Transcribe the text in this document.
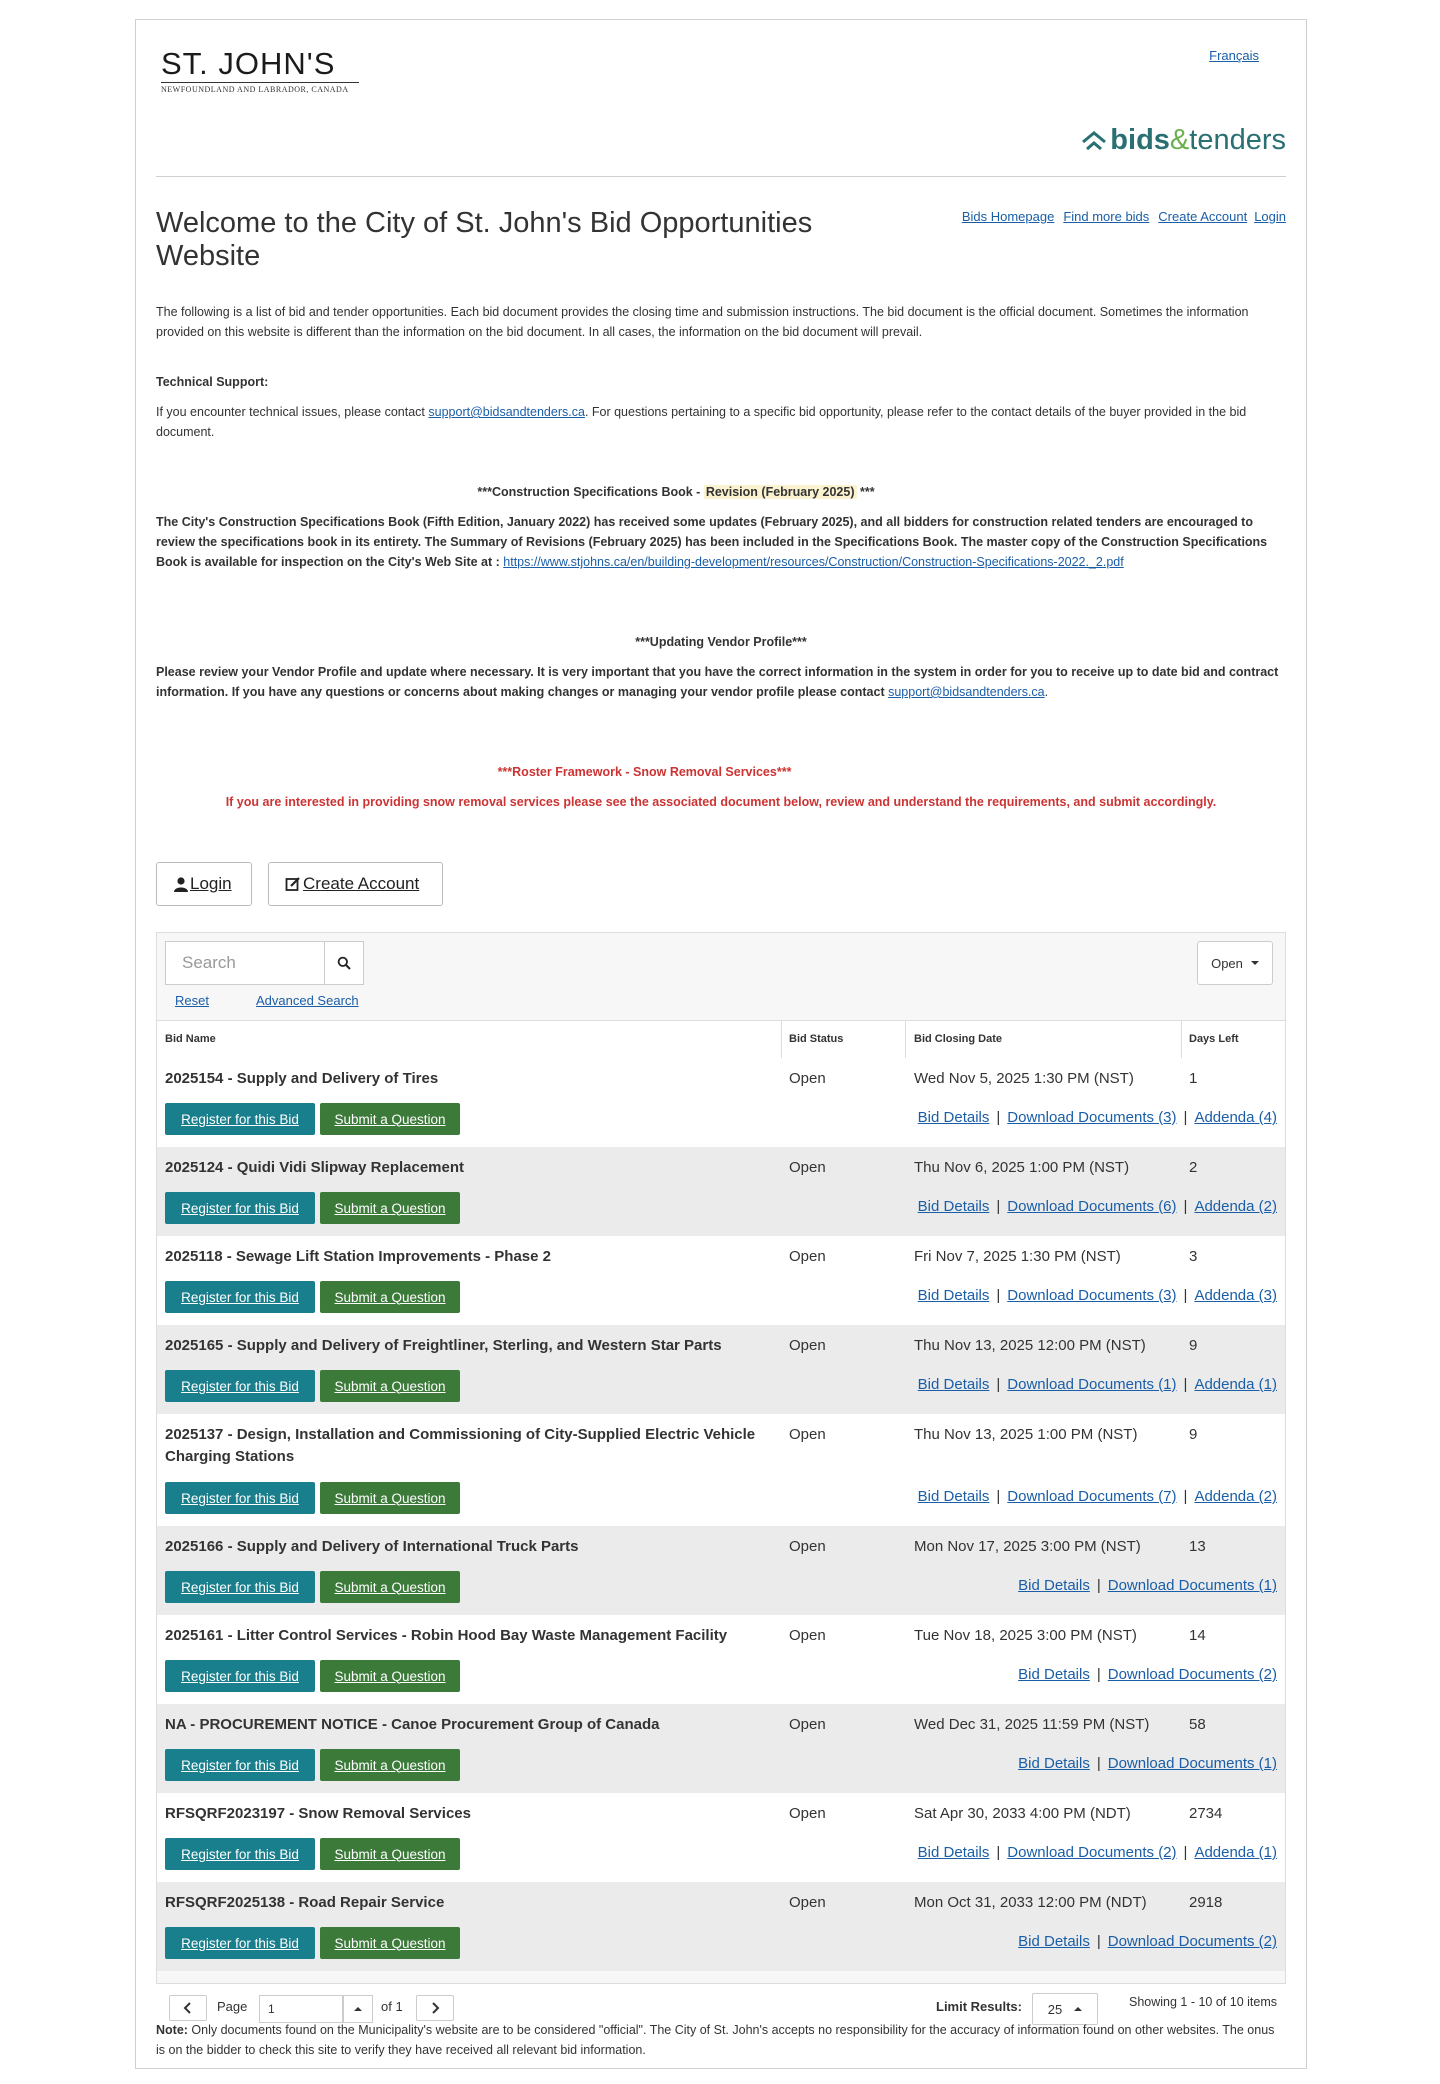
ST. JOHN'S
NEWFOUNDLAND AND LABRADOR, CANADA
Français
bids & tenders
Welcome to the City of St. John's Bid Opportunities Website
Bids Homepage Find more bids Create Account Login

The following is a list of bid and tender opportunities. Each bid document provides the closing time and submission instructions. The bid document is the official document. Sometimes the information provided on this website is different than the information on the bid document. In all cases, the information on the bid document will prevail.

Technical Support:

If you encounter technical issues, please contact support@bidsandtenders.ca. For questions pertaining to a specific bid opportunity, please refer to the contact details of the buyer provided in the bid document.

***Construction Specifications Book - Revision (February 2025) ***

The City's Construction Specifications Book (Fifth Edition, January 2022) has received some updates (February 2025), and all bidders for construction related tenders are encouraged to review the specifications book in its entirety. The Summary of Revisions (February 2025) has been included in the Specifications Book. The master copy of the Construction Specifications Book is available for inspection on the City's Web Site at : https://www.stjohns.ca/en/building-development/resources/Construction/Construction-Specifications-2022._2.pdf

***Updating Vendor Profile***

Please review your Vendor Profile and update where necessary. It is very important that you have the correct information in the system in order for you to receive up to date bid and contract information. If you have any questions or concerns about making changes or managing your vendor profile please contact support@bidsandtenders.ca.

***Roster Framework - Snow Removal Services***

If you are interested in providing snow removal services please see the associated document below, review and understand the requirements, and submit accordingly.

Login	Create Account
Search
Reset	Advanced Search
Open
Bid Name	Bid Status	Bid Closing Date	Days Left
2025154 - Supply and Delivery of Tires	Open	Wed Nov 5, 2025 1:30 PM (NST)	1
Register for this Bid	Submit a Question	Bid Details | Download Documents (3) | Addenda (4)
2025124 - Quidi Vidi Slipway Replacement	Open	Thu Nov 6, 2025 1:00 PM (NST)	2
Register for this Bid	Submit a Question	Bid Details | Download Documents (6) | Addenda (2)
2025118 - Sewage Lift Station Improvements - Phase 2	Open	Fri Nov 7, 2025 1:30 PM (NST)	3
Register for this Bid	Submit a Question	Bid Details | Download Documents (3) | Addenda (3)
2025165 - Supply and Delivery of Freightliner, Sterling, and Western Star Parts	Open	Thu Nov 13, 2025 12:00 PM (NST)	9
Register for this Bid	Submit a Question	Bid Details | Download Documents (1) | Addenda (1)
2025137 - Design, Installation and Commissioning of City-Supplied Electric Vehicle Charging Stations
Open	Thu Nov 13, 2025 1:00 PM (NST)	9
Register for this Bid	Submit a Question	Bid Details | Download Documents (7) | Addenda (2)
2025166 - Supply and Delivery of International Truck Parts	Open	Mon Nov 17, 2025 3:00 PM (NST)	13
Register for this Bid	Submit a Question	Bid Details | Download Documents (1)
2025161 - Litter Control Services - Robin Hood Bay Waste Management Facility	Open	Tue Nov 18, 2025 3:00 PM (NST)	14
Register for this Bid	Submit a Question	Bid Details | Download Documents (2)
NA - PROCUREMENT NOTICE - Canoe Procurement Group of Canada	Open	Wed Dec 31, 2025 11:59 PM (NST)	58
Register for this Bid	Submit a Question	Bid Details | Download Documents (1)
RFSQRF2023197 - Snow Removal Services	Open	Sat Apr 30, 2033 4:00 PM (NDT)	2734
Register for this Bid	Submit a Question	Bid Details | Download Documents (2) | Addenda (1)
RFSQRF2025138 - Road Repair Service	Open	Mon Oct 31, 2033 12:00 PM (NDT)	2918
Register for this Bid	Submit a Question	Bid Details | Download Documents (2)
Page	1	of 1	Limit Results: 25	Showing 1 - 10 of 10 items
Note: Only documents found on the Municipality's website are to be considered "official". The City of St. John's accepts no responsibility for the accuracy of information found on other websites. The onus is on the bidder to check this site to verify they have received all relevant bid information.
